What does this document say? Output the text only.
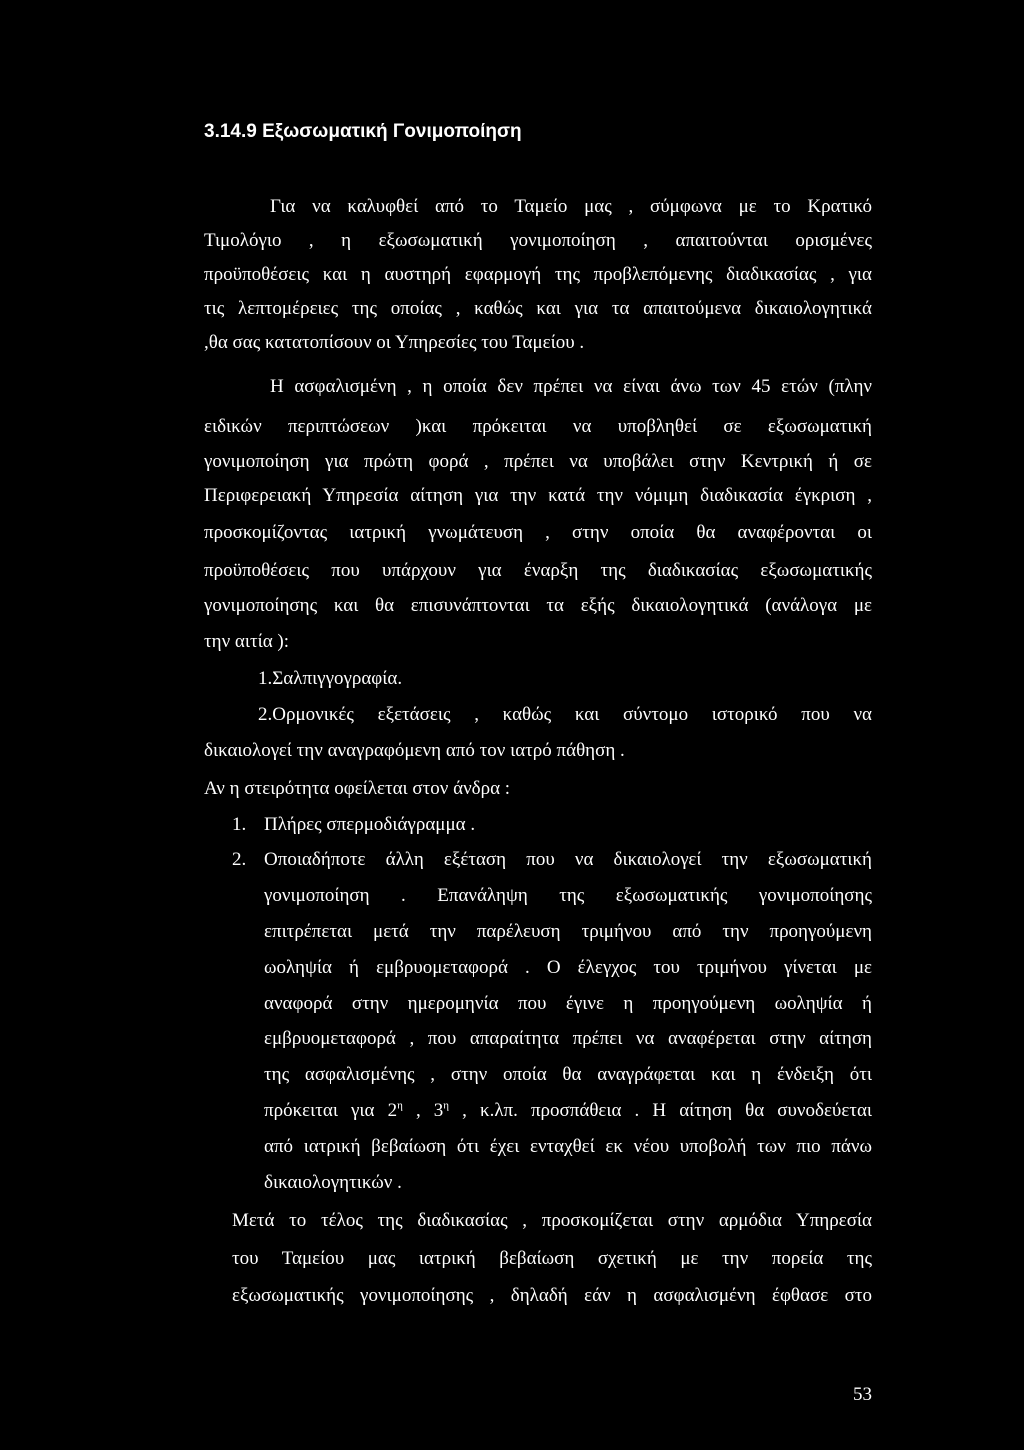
3.14.9 Εξωσωματική Γονιμοποίηση
Για να καλυφθεί από το Ταμείο μας , σύμφωνα με το Κρατικό
Τιμολόγιο , η εξωσωματική γονιμοποίηση , απαιτούνται ορισμένες
προϋποθέσεις και η αυστηρή εφαρμογή της προβλεπόμενης διαδικασίας , για
τις λεπτομέρειες της οποίας , καθώς και για τα απαιτούμενα δικαιολογητικά
,θα σας κατατοπίσουν οι Υπηρεσίες του Ταμείου .
Η ασφαλισμένη , η οποία δεν πρέπει να είναι άνω των 45 ετών (πλην
ειδικών περιπτώσεων )και πρόκειται να υποβληθεί σε εξωσωματική
γονιμοποίηση για πρώτη φορά , πρέπει να υποβάλει στην Κεντρική ή σε
Περιφερειακή Υπηρεσία αίτηση για την κατά την νόμιμη διαδικασία έγκριση ,
προσκομίζοντας ιατρική γνωμάτευση , στην οποία θα αναφέρονται οι
προϋποθέσεις που υπάρχουν για έναρξη της διαδικασίας εξωσωματικής
γονιμοποίησης και θα επισυνάπτονται τα εξής δικαιολογητικά (ανάλογα με
την αιτία ):
1.Σαλπιγγογραφία.
2.Ορμονικές εξετάσεις , καθώς και σύντομο ιστορικό που να
δικαιολογεί την αναγραφόμενη από τον ιατρό πάθηση .
Αν η στειρότητα οφείλεται στον άνδρα :
1. Πλήρες σπερμοδιάγραμμα .
2. Οποιαδήποτε άλλη εξέταση που να δικαιολογεί την εξωσωματική
γονιμοποίηση . Επανάληψη της εξωσωματικής γονιμοποίησης
επιτρέπεται μετά την παρέλευση τριμήνου από την προηγούμενη
ωοληψία ή εμβρυομεταφορά . Ο έλεγχος του τριμήνου γίνεται με
αναφορά στην ημερομηνία που έγινε η προηγούμενη ωοληψία ή
εμβρυομεταφορά , που απαραίτητα πρέπει να αναφέρεται στην αίτηση
της ασφαλισμένης , στην οποία θα αναγράφεται και η ένδειξη ότι
πρόκειται για $2^\eta$ , $3^\eta$ , κ.λπ. προσπάθεια . Η αίτηση θα συνοδεύεται
από ιατρική βεβαίωση ότι έχει ενταχθεί εκ νέου υποβολή των πιο πάνω
δικαιολογητικών .
Μετά το τέλος της διαδικασίας , προσκομίζεται στην αρμόδια Υπηρεσία
του Ταμείου μας ιατρική βεβαίωση σχετική με την πορεία της
εξωσωματικής γονιμοποίησης , δηλαδή εάν η ασφαλισμένη έφθασε στο
53
